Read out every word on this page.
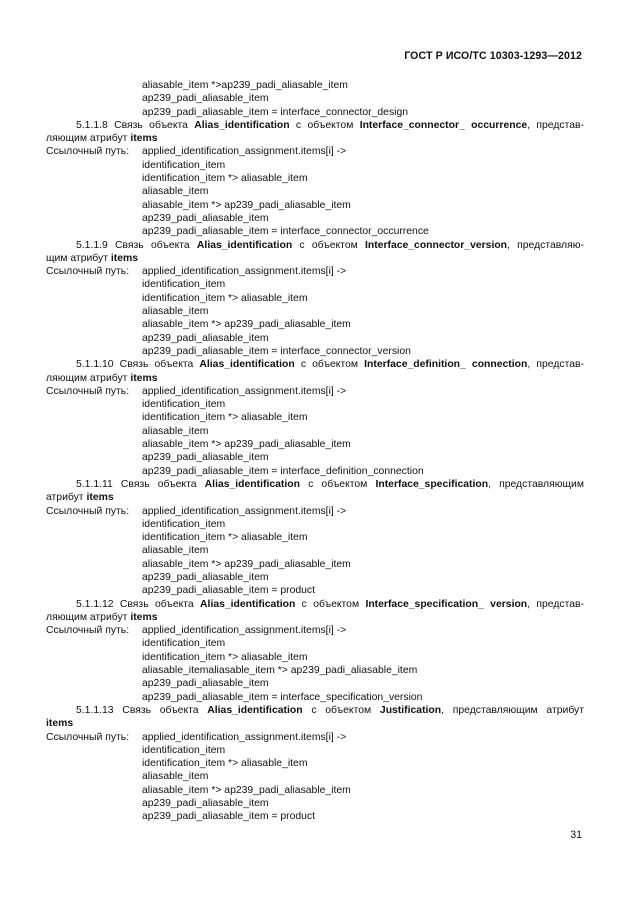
ГОСТ Р ИСО/ТС 10303-1293—2012
aliasable_item *>ap239_padi_aliasable_item
ap239_padi_aliasable_item
ap239_padi_aliasable_item = interface_connector_design
5.1.1.8 Связь объекта Alias_identification с объектом Interface_connector_ occurrence, представ-
ляющим атрибут items
Ссылочный путь: applied_identification_assignment.items[i] ->
identification_item
identification_item *> aliasable_item
aliasable_item
aliasable_item *> ap239_padi_aliasable_item
ap239_padi_aliasable_item
ap239_padi_aliasable_item = interface_connector_occurrence
5.1.1.9 Связь объекта Alias_identification с объектом Interface_connector_version, представляю-
щим атрибут items
Ссылочный путь: applied_identification_assignment.items[i] ->
identification_item
identification_item *> aliasable_item
aliasable_item
aliasable_item *> ap239_padi_aliasable_item
ap239_padi_aliasable_item
ap239_padi_aliasable_item = interface_connector_version
5.1.1.10 Связь объекта Alias_identification с объектом Interface_definition_ connection, представ-
ляющим атрибут items
Ссылочный путь: applied_identification_assignment.items[i] ->
identification_item
identification_item *> aliasable_item
aliasable_item
aliasable_item *> ap239_padi_aliasable_item
ap239_padi_aliasable_item
ap239_padi_aliasable_item = interface_definition_connection
5.1.1.11 Связь объекта Alias_identification с объектом Interface_specification, представляющим
атрибут items
Ссылочный путь: applied_identification_assignment.items[i] ->
identification_item
identification_item *> aliasable_item
aliasable_item
aliasable_item *> ap239_padi_aliasable_item
ap239_padi_aliasable_item
ap239_padi_aliasable_item = product
5.1.1.12 Связь объекта Alias_identification с объектом Interface_specification_ version, представ-
ляющим атрибут items
Ссылочный путь: applied_identification_assignment.items[i] ->
identification_item
identification_item *> aliasable_item
aliasable_itemaliasable_item *> ap239_padi_aliasable_item
ap239_padi_aliasable_item
ap239_padi_aliasable_item = interface_specification_version
5.1.1.13 Связь объекта Alias_identification с объектом Justification, представляющим атрибут
items
Ссылочный путь: applied_identification_assignment.items[i] ->
identification_item
identification_item *> aliasable_item
aliasable_item
aliasable_item *> ap239_padi_aliasable_item
ap239_padi_aliasable_item
ap239_padi_aliasable_item = product
31
